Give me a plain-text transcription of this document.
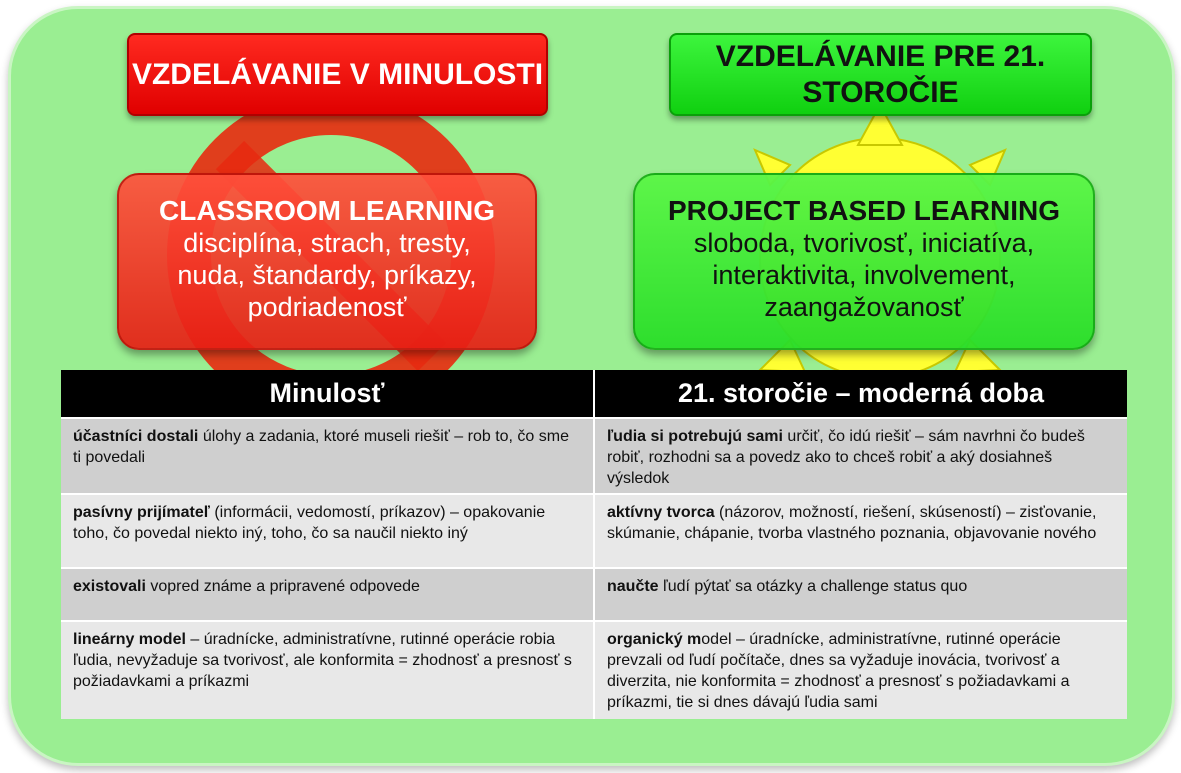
VZDELÁVANIE V MINULOSTI
VZDELÁVANIE PRE 21. STOROČIE
CLASSROOM LEARNING
disciplína, strach, tresty,
nuda, štandardy, príkazy,
podriadenosť
PROJECT BASED LEARNING
sloboda, tvorivosť, iniciatíva,
interaktivita, involvement,
zaangažovanosť
Minulosť	21. storočie – moderná doba
účastníci dostali úlohy a zadania, ktoré museli riešiť – rob to, čo sme ti povedali	ľudia si potrebujú sami určiť, čo idú riešiť – sám navrhni čo budeš robiť, rozhodni sa a povedz ako to chceš robiť a aký dosiahneš výsledok
pasívny prijímateľ (informácii, vedomostí, príkazov) – opakovanie toho, čo povedal niekto iný, toho, čo sa naučil niekto iný	aktívny tvorca (názorov, možností, riešení, skúseností) – zisťovanie, skúmanie, chápanie, tvorba vlastného poznania, objavovanie nového
existovali vopred známe a pripravené odpovede	naučte ľudí pýtať sa otázky a challenge status quo
lineárny model – úradnícke, administratívne, rutinné operácie robia ľudia, nevyžaduje sa tvorivosť, ale konformita = zhodnosť a presnosť s požiadavkami a príkazmi	organický model – úradnícke, administratívne, rutinné operácie prevzali od ľudí počítače, dnes sa vyžaduje inovácia, tvorivosť a diverzita, nie konformita = zhodnosť a presnosť s požiadavkami a príkazmi, tie si dnes dávajú ľudia sami
